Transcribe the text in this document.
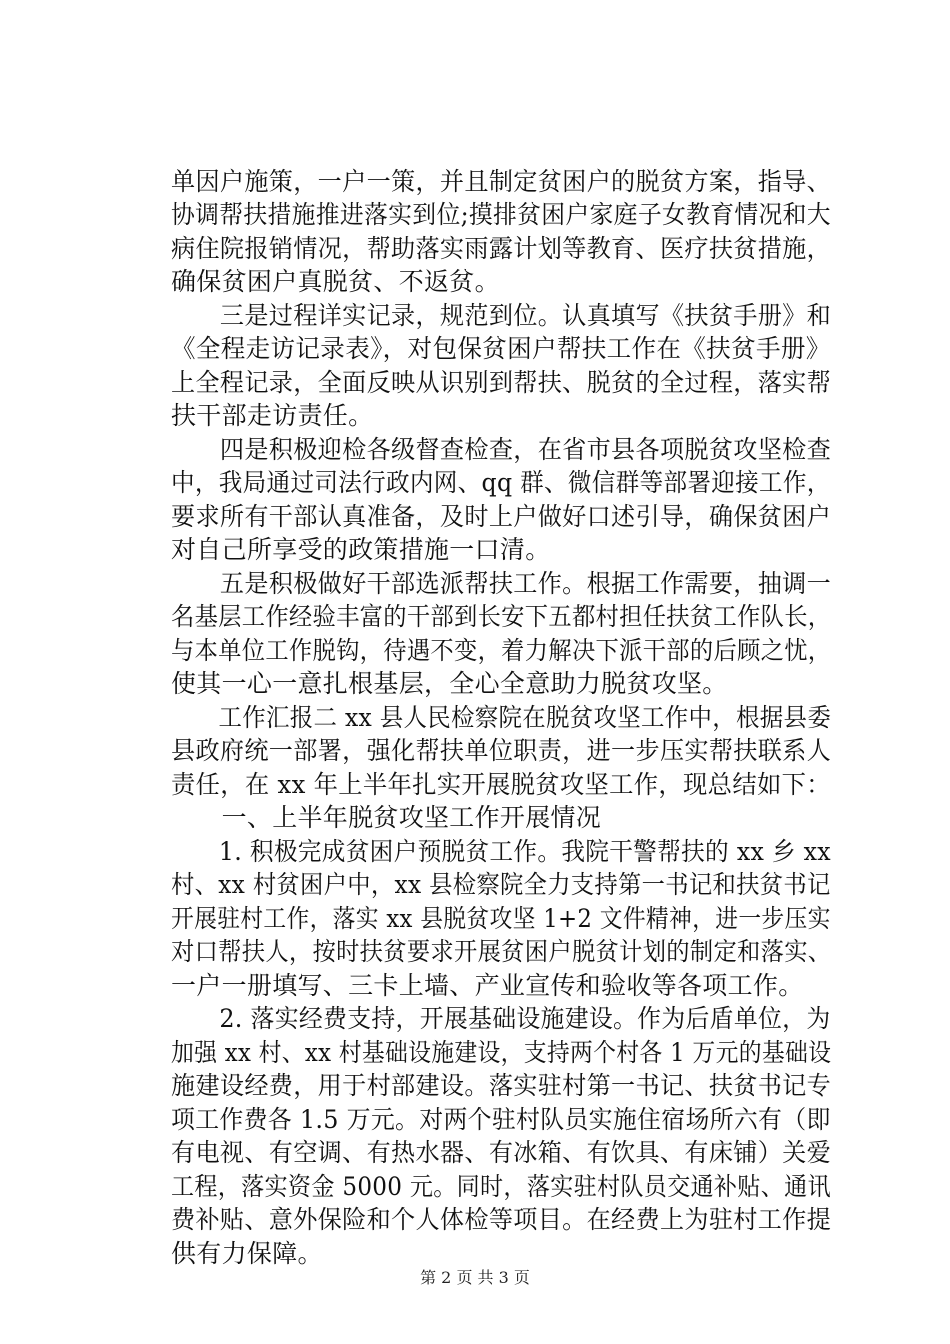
单因户施策，一户一策，并且制定贫困户的脱贫方案，指导、
协调帮扶措施推进落实到位;摸排贫困户家庭子女教育情况和大
病住院报销情况，帮助落实雨露计划等教育、医疗扶贫措施，
确保贫困户真脱贫、不返贫。
　　三是过程详实记录，规范到位。认真填写《扶贫手册》和
《全程走访记录表》，对包保贫困户帮扶工作在《扶贫手册》
上全程记录，全面反映从识别到帮扶、脱贫的全过程，落实帮
扶干部走访责任。
　　四是积极迎检各级督查检查，在省市县各项脱贫攻坚检查
中，我局通过司法行政内网、qq 群、微信群等部署迎接工作，
要求所有干部认真准备，及时上户做好口述引导，确保贫困户
对自己所享受的政策措施一口清。
　　五是积极做好干部选派帮扶工作。根据工作需要，抽调一
名基层工作经验丰富的干部到长安下五都村担任扶贫工作队长，
与本单位工作脱钩，待遇不变，着力解决下派干部的后顾之忧，
使其一心一意扎根基层，全心全意助力脱贫攻坚。
　　工作汇报二 xx 县人民检察院在脱贫攻坚工作中，根据县委
县政府统一部署，强化帮扶单位职责，进一步压实帮扶联系人
责任，在 xx 年上半年扎实开展脱贫攻坚工作，现总结如下：
　　一、上半年脱贫攻坚工作开展情况
　　1. 积极完成贫困户预脱贫工作。我院干警帮扶的 xx 乡 xx
村、xx 村贫困户中，xx 县检察院全力支持第一书记和扶贫书记
开展驻村工作，落实 xx 县脱贫攻坚 1+2 文件精神，进一步压实
对口帮扶人，按时扶贫要求开展贫困户脱贫计划的制定和落实、
一户一册填写、三卡上墙、产业宣传和验收等各项工作。
　　2. 落实经费支持，开展基础设施建设。作为后盾单位，为
加强 xx 村、xx 村基础设施建设，支持两个村各 1 万元的基础设
施建设经费，用于村部建设。落实驻村第一书记、扶贫书记专
项工作费各 1.5 万元。对两个驻村队员实施住宿场所六有（即
有电视、有空调、有热水器、有冰箱、有饮具、有床铺）关爱
工程，落实资金 5000 元。同时，落实驻村队员交通补贴、通讯
费补贴、意外保险和个人体检等项目。在经费上为驻村工作提
供有力保障。
第 2 页 共 3 页
